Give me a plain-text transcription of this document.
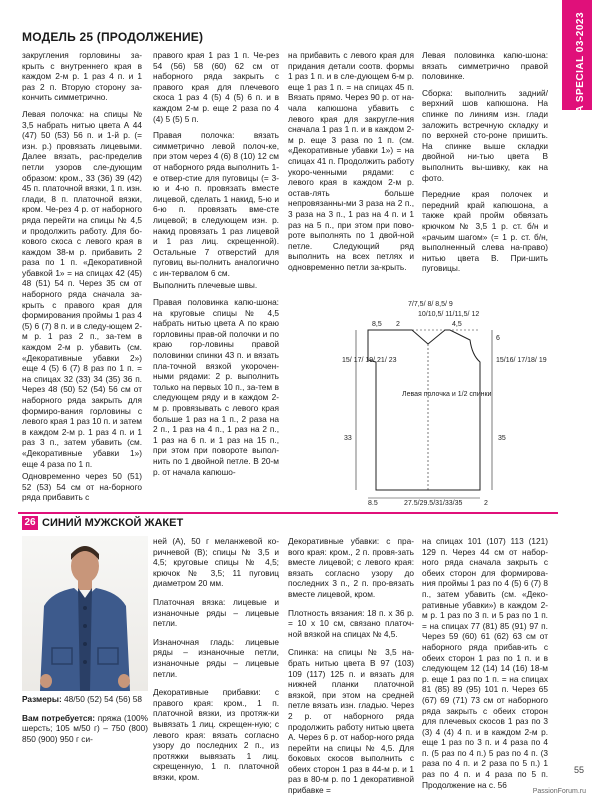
VERENA SPECIAL 03-2023
55
МОДЕЛЬ 25 (ПРОДОЛЖЕНИЕ)

закругления горловины за-крыть с внутреннего края в каждом 2-м р. 1 раз 4 п. и 1 раз 2 п. Вторую сторону за-кончить симметрично.

Левая полочка: на спицы № 3,5 набрать нитью цвета А 44 (47) 50 (53) 56 п. и 1-й р. (= изн. р.) провязать лицевыми. Далее вязать, рас-пределив петли узоров сле-дующим образом: кром., 33 (36) 39 (42) 45 п. платочной вязки, 1 п. изн. глади, 8 п. платочной вязки, кром. Че-рез 4 р. от наборного ряда перейти на спицы № 4,5 и продолжить работу. Для бо-кового скоса с левого края в каждом 38-м р. прибавить 2 раза по 1 п. «Декоративной убавкой 1» = на спицах 42 (45) 48 (51) 54 п. Через 35 см от наборного ряда сначала за-крыть с правого края для формирования проймы 1 раз 4 (5) 6 (7) 8 п. и в следу-ющем 2-м р. 1 раз 2 п., за-тем в каждом 2-м р. убавить (см. «Декоративные убавки 2») еще 4 (5) 6 (7) 8 раз по 1 п. = на спицах 32 (33) 34 (35) 36 п. Через 48 (50) 52 (54) 56 см от наборного ряда закрыть для формиро-вания горловины с левого края 1 раз 10 п. и затем в каждом 2-м р. 1 раз 4 п. и 1 раз 3 п., затем убавить (см. «Декоративные убавки 1») еще 4 раза по 1 п.

Одновременно через 50 (51) 52 (53) 54 см от на-борного ряда прибавить с

правого края 1 раз 1 п. Че-рез 54 (56) 58 (60) 62 см от наборного ряда закрыть с правого края для плечевого скоса 1 раз 4 (5) 4 (5) 6 п. и в каждом 2-м р. еще 2 раза по 4 (4) 5 (5) 5 п.

Правая полочка: вязать симметрично левой полоч-ке, при этом через 4 (6) 8 (10) 12 см от наборного ряда выполнить 1-е отвер-стие для пуговицы (= 3-ю и 4-ю п. провязать вместе лицевой, сделать 1 накид, 5-ю и 6-ю п. провязать вме-сте лицевой; в следующем изн. р. накид провязать 1 раз лицевой и 1 раз лиц. скрещенной). Остальные 7 отверстий для пуговиц вы-полнить аналогично с ин-тервалом 6 см.

Выполнить плечевые швы.

Правая половинка капю-шона: на круговые спицы № 4,5 набрать нитью цвета А по краю горловины прав-ой полочки и по краю гор-ловины правой половинки спинки 43 п. и вязать пла-точной вязкой укорочен-ными рядами: 2 р. выполнить только на первых 10 п., за-тем в следующем ряду и в каждом 2-м р. провязывать с левого края больше 1 раз на 1 п., 2 раза на 2 п., 1 раз на 4 п., 1 раз на 2 п., 1 раз на 6 п. и 1 раз на 15 п., при этом при повороте выпол-нить по 1 двойной петле. В 20-м р. от начала капюшо-

на прибавить с левого края для придания детали соотв. формы 1 раз 1 п. и в сле-дующем 6-м р. еще 1 раз 1 п. = на спицах 45 п. Вязать прямо. Через 90 р. от на-чала капюшона убавить с левого края для закругле-ния сначала 1 раз 1 п. и в каждом 2-м р. еще 3 раза по 1 п. (см. «Декоративные убавки 1») = на спицах 41 п. Продолжить работу укоро-ченными рядами: с левого края в каждом 2-м р. остав-лять больше непровязанны-ми 3 раза на 2 п., 3 раза на 3 п., 1 раз на 4 п. и 1 раз на 5 п., при этом при пово-роте выполнять по 1 двой-ной петле. Следующий ряд выполнить на всех петлях и одновременно петли за-крыть.

Левая половинка капю-шона: вязать симметрично правой половинке.

Сборка: выполнить задний/ верхний шов капюшона. На спинке по линиям изн. глади заложить встречную складку и по верхней сто-роне пришить. На спинке выше складки двойной ни-тью цвета В выполнить вы-шивку, как на фото.

Передние края полочек и передний край капюшона, а также край пройм обвязать крючком № 3,5 1 р. ст. б/н и «рачьим шагом» (= 1 р. ст. б/н, выполненный слева на-право) нитью цвета В. При-шить пуговицы.

7/7,5/ 8/ 8,5/ 9
10/10,5/ 11/11,5/ 12
8,5 2	4,5
6
15/ 17/ 19/ 21/ 23	15/16/ 17/18/ 19
33	35
Левая полочка и 1/2 спинки
8,5	27,5/29,5/31/33/35	2
26 СИНИЙ МУЖСКОЙ ЖАКЕТ

Размеры: 48/50 (52) 54 (56) 58

Вам потребуется: пряжа (100% шерсть; 105 м/50 г) – 750 (800) 850 (900) 950 г си-

ней (А), 50 г меланжевой ко-ричневой (B); спицы № 3,5 и 4,5; круговые спицы № 4,5; крючок № 3,5; 11 пуговиц диаметром 20 мм.

Платочная вязка: лицевые и изнаночные ряды – лицевые петли.

Изнаночная гладь: лицевые ряды – изнаночные петли, изнаночные ряды – лицевые петли.

Декоративные прибавки: с правого края: кром., 1 п. платочной вязки, из протяж-ки вывязать 1 лиц. скрещен-ную; с левого края: вязать согласно узору до последних 2 п., из протяжки вывязать 1 лиц. скрещенную, 1 п. платочной вязки, кром.

Декоративные убавки: с пра-вого края: кром., 2 п. провя-зать вместе лицевой; с левого края: вязать согласно узору до последних 3 п., 2 п. про-вязать вместе лицевой, кром.

Плотность вязания: 18 п. х 36 р. = 10 х 10 см, связано платоч-ной вязкой на спицах № 4,5.

Спинка: на спицы № 3,5 на-брать нитью цвета В 97 (103) 109 (117) 125 п. и вязать для нижней планки платочной вязкой, при этом на средней петле вязать изн. гладью. Через 2 р. от наборного ряда продолжить работу нитью цвета А. Через 6 р. от набор-ного ряда перейти на спицы № 4,5. Для боковых скосов выполнить с обеих сторон 1 раз в 44-м р. и 1 раз в 80-м р. по 1 декоративной прибавке =

на спицах 101 (107) 113 (121) 129 п. Через 44 см от набор-ного ряда сначала закрыть с обеих сторон для формирова-ния проймы 1 раз по 4 (5) 6 (7) 8 п., затем убавить (см. «Деко-ративные убавки») в каждом 2-м р. 1 раз по 3 п. и 5 раз по 1 п. = на спицах 77 (81) 85 (91) 97 п. Через 59 (60) 61 (62) 63 см от наборного ряда прибав-ить с обеих сторон 1 раз по 1 п. и в следующем 12 (14) 14 (16) 18-м р. еще 1 раз по 1 п. = на спицах 81 (85) 89 (95) 101 п. Через 65 (67) 69 (71) 73 см от наборного ряда закрыть с обеих сторон для плечевых скосов 1 раз по 3 (3) 4 (4) 4 п. и в каждом 2-м р. еще 1 раз по 3 п. и 4 раза по 4 п. (5 раз по 4 п.) 5 раз по 4 п. (3 раза по 4 п. и 2 раза по 5 п.) 1 раз по 4 п. и 4 раза по 5 п. Продолжение на с. 56

PassionForum.ru
